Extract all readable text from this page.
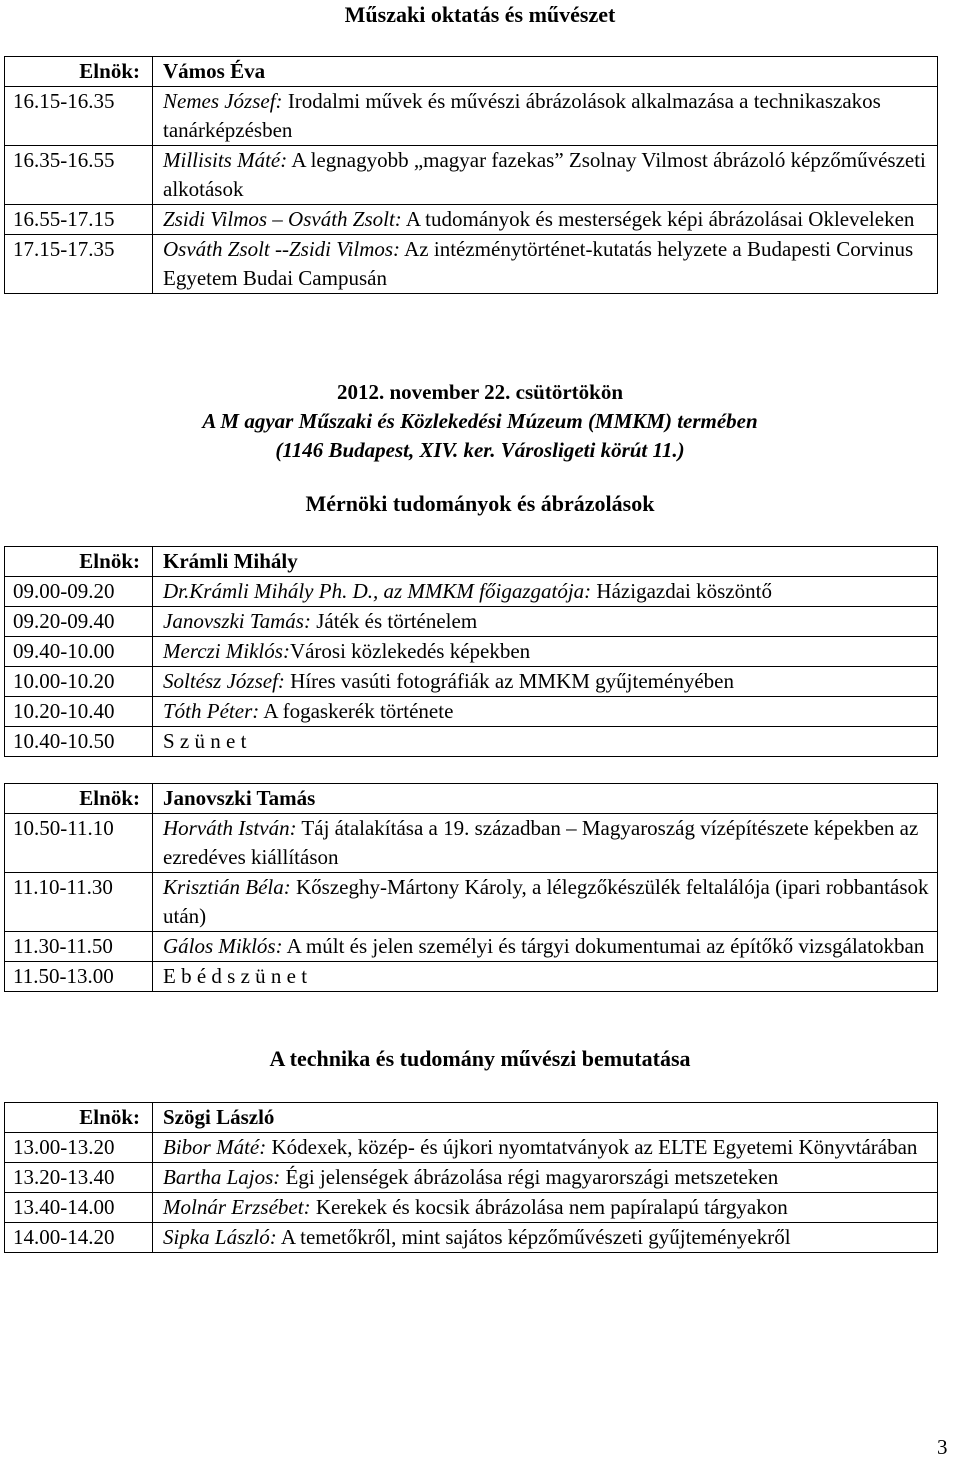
Műszaki oktatás és művészet
Elnök:	Vámos Éva
16.15-16.35	Nemes József: Irodalmi művek és művészi ábrázolások alkalmazása a technikaszakos tanárképzésben
16.35-16.55	Millisits Máté: A legnagyobb „magyar fazekas” Zsolnay Vilmost ábrázoló képzőművészeti alkotások
16.55-17.15	Zsidi Vilmos – Osváth Zsolt: A tudományok és mesterségek képi ábrázolásai Okleveleken
17.15-17.35	Osváth Zsolt --Zsidi Vilmos: Az intézménytörténet-kutatás helyzete a Budapesti Corvinus Egyetem Budai Campusán
2012. november 22. csütörtökön
A M agyar Műszaki és Közlekedési Múzeum (MMKM) termében
(1146 Budapest, XIV. ker. Városligeti körút 11.)
Mérnöki tudományok és ábrázolások
Elnök:	Krámli Mihály
09.00-09.20	Dr.Krámli Mihály Ph. D., az MMKM főigazgatója: Házigazdai köszöntő
09.20-09.40	Janovszki Tamás: Játék és történelem
09.40-10.00	Merczi Miklós:Városi közlekedés képekben
10.00-10.20	Soltész József: Híres vasúti fotográfiák az MMKM gyűjteményében
10.20-10.40	Tóth Péter: A fogaskerék története
10.40-10.50	S z ü n e t
Elnök:	Janovszki Tamás
10.50-11.10	Horváth István: Táj átalakítása a 19. században – Magyaroszág vízépítészete képekben az ezredéves kiállításon
11.10-11.30	Krisztián Béla: Kőszeghy-Mártony Károly, a lélegzőkészülék feltalálója (ipari robbantások után)
11.30-11.50	Gálos Miklós: A múlt és jelen személyi és tárgyi dokumentumai az építőkő vizsgálatokban
11.50-13.00	E b é d s z ü n e t
A technika és tudomány művészi bemutatása
Elnök:	Szögi László
13.00-13.20	Bibor Máté: Kódexek, közép- és újkori nyomtatványok az ELTE Egyetemi Könyvtárában
13.20-13.40	Bartha Lajos: Égi jelenségek ábrázolása régi magyarországi metszeteken
13.40-14.00	Molnár Erzsébet: Kerekek és kocsik ábrázolása nem papíralapú tárgyakon
14.00-14.20	Sipka László: A temetőkről, mint sajátos képzőművészeti gyűjteményekről
3
